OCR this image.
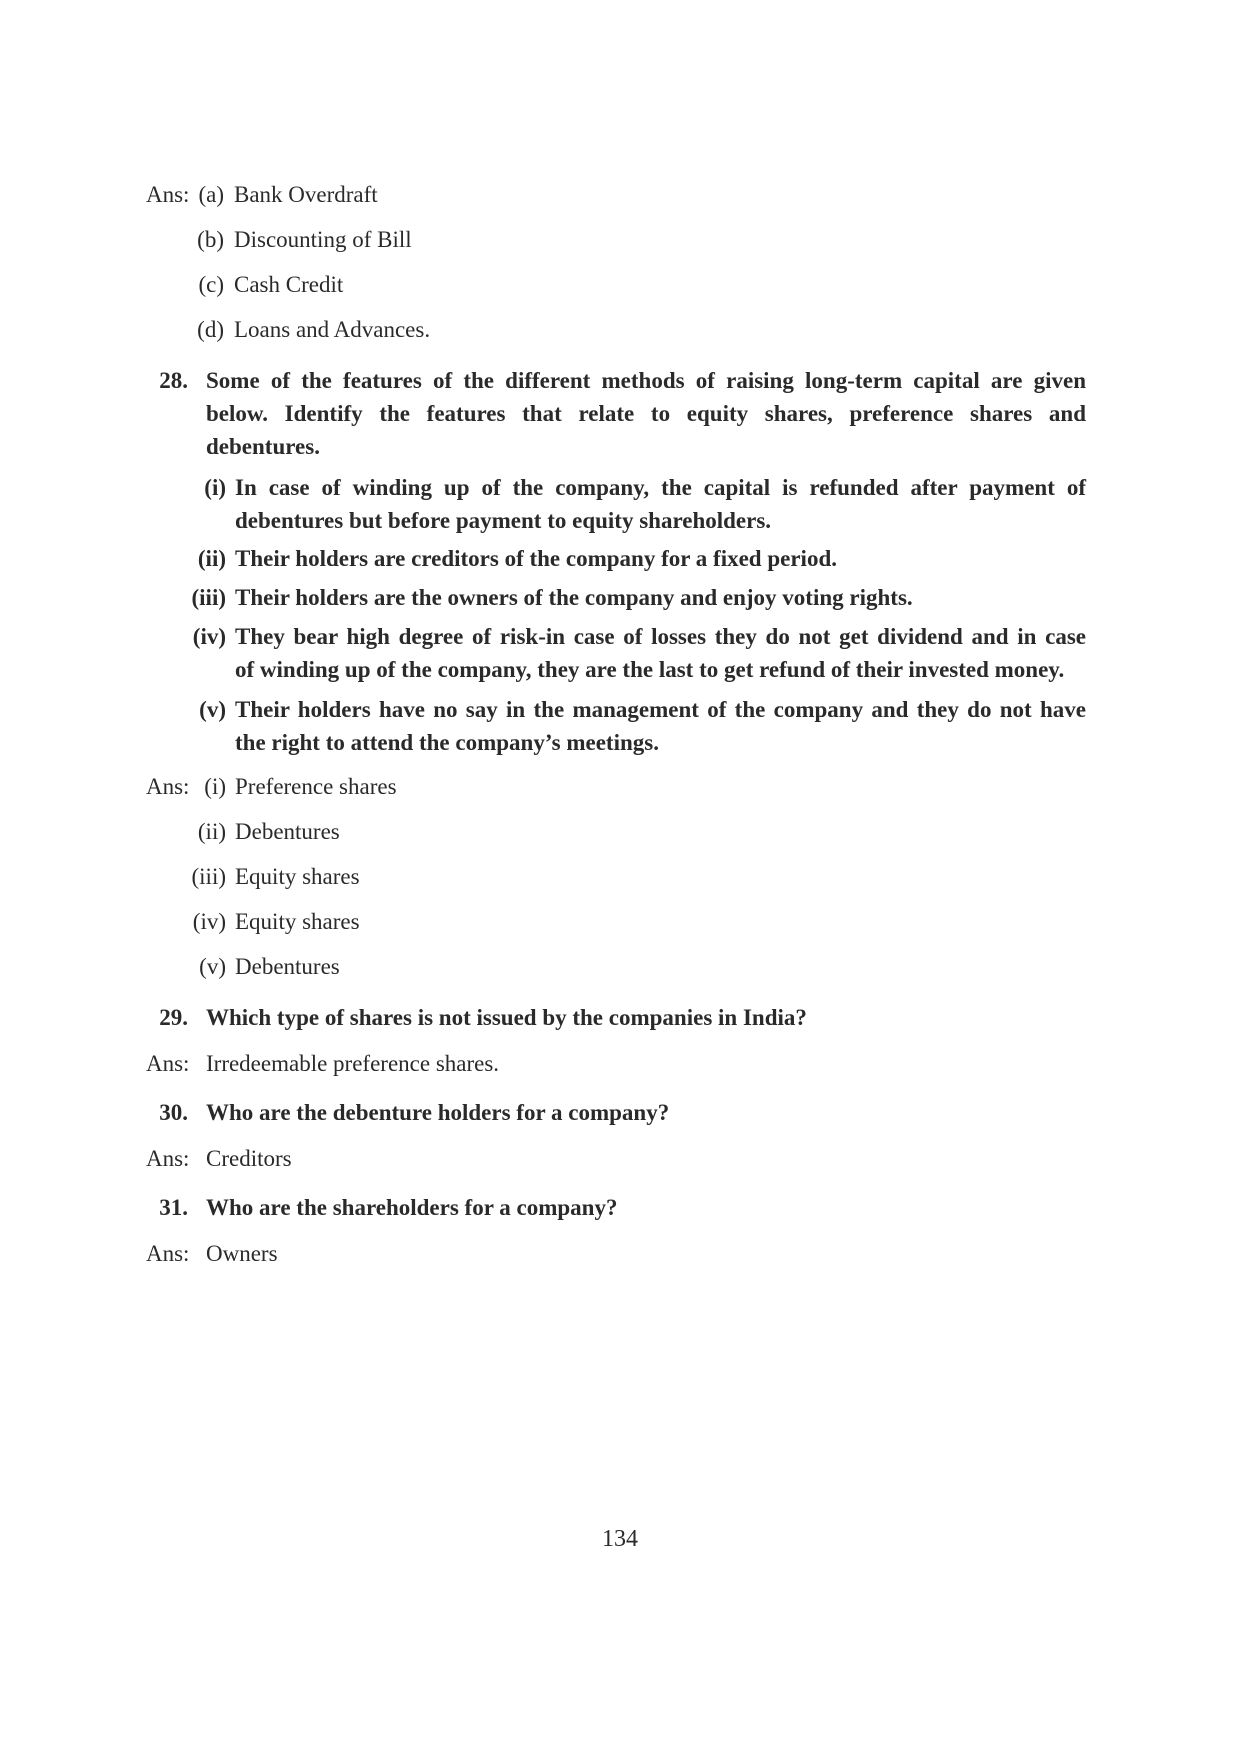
Ans: (a) Bank Overdraft
(b) Discounting of Bill
(c) Cash Credit
(d) Loans and Advances.
28. Some of the features of the different methods of raising long-term capital are given
below. Identify the features that relate to equity shares, preference shares and
debentures.
(i) In case of winding up of the company, the capital is refunded after payment of
debentures but before payment to equity shareholders.
(ii) Their holders are creditors of the company for a fixed period.
(iii) Their holders are the owners of the company and enjoy voting rights.
(iv) They bear high degree of risk-in case of losses they do not get dividend and in case
of winding up of the company, they are the last to get refund of their invested money.
(v) Their holders have no say in the management of the company and they do not have
the right to attend the company’s meetings.
Ans: (i) Preference shares
(ii) Debentures
(iii) Equity shares
(iv) Equity shares
(v) Debentures
29. Which type of shares is not issued by the companies in India?
Ans: Irredeemable preference shares.
30. Who are the debenture holders for a company?
Ans: Creditors
31. Who are the shareholders for a company?
Ans: Owners
134
